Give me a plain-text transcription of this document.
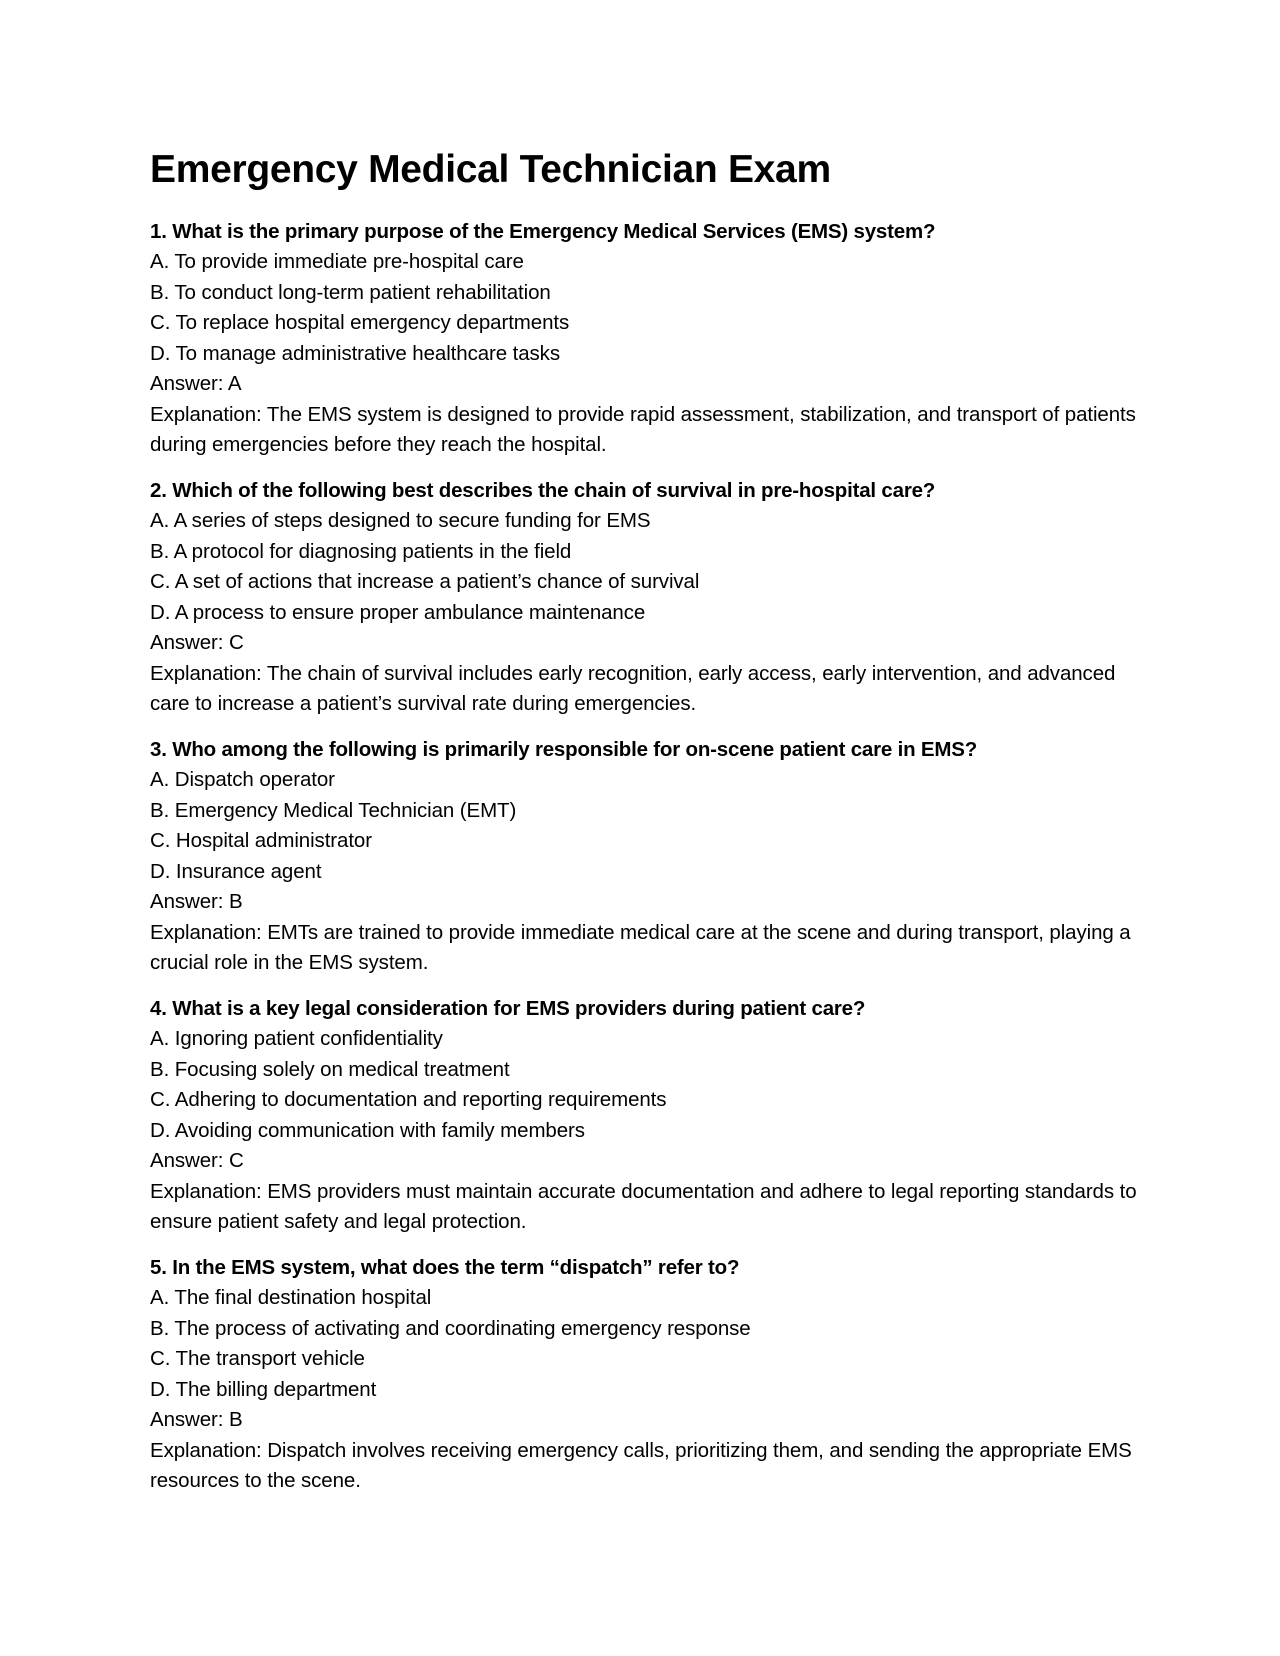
Emergency Medical Technician Exam
1. What is the primary purpose of the Emergency Medical Services (EMS) system?
A. To provide immediate pre-hospital care
B. To conduct long-term patient rehabilitation
C. To replace hospital emergency departments
D. To manage administrative healthcare tasks
Answer: A
Explanation: The EMS system is designed to provide rapid assessment, stabilization, and transport of patients during emergencies before they reach the hospital.
2. Which of the following best describes the chain of survival in pre-hospital care?
A. A series of steps designed to secure funding for EMS
B. A protocol for diagnosing patients in the field
C. A set of actions that increase a patient’s chance of survival
D. A process to ensure proper ambulance maintenance
Answer: C
Explanation: The chain of survival includes early recognition, early access, early intervention, and advanced care to increase a patient’s survival rate during emergencies.
3. Who among the following is primarily responsible for on-scene patient care in EMS?
A. Dispatch operator
B. Emergency Medical Technician (EMT)
C. Hospital administrator
D. Insurance agent
Answer: B
Explanation: EMTs are trained to provide immediate medical care at the scene and during transport, playing a crucial role in the EMS system.
4. What is a key legal consideration for EMS providers during patient care?
A. Ignoring patient confidentiality
B. Focusing solely on medical treatment
C. Adhering to documentation and reporting requirements
D. Avoiding communication with family members
Answer: C
Explanation: EMS providers must maintain accurate documentation and adhere to legal reporting standards to ensure patient safety and legal protection.
5. In the EMS system, what does the term “dispatch” refer to?
A. The final destination hospital
B. The process of activating and coordinating emergency response
C. The transport vehicle
D. The billing department
Answer: B
Explanation: Dispatch involves receiving emergency calls, prioritizing them, and sending the appropriate EMS resources to the scene.
